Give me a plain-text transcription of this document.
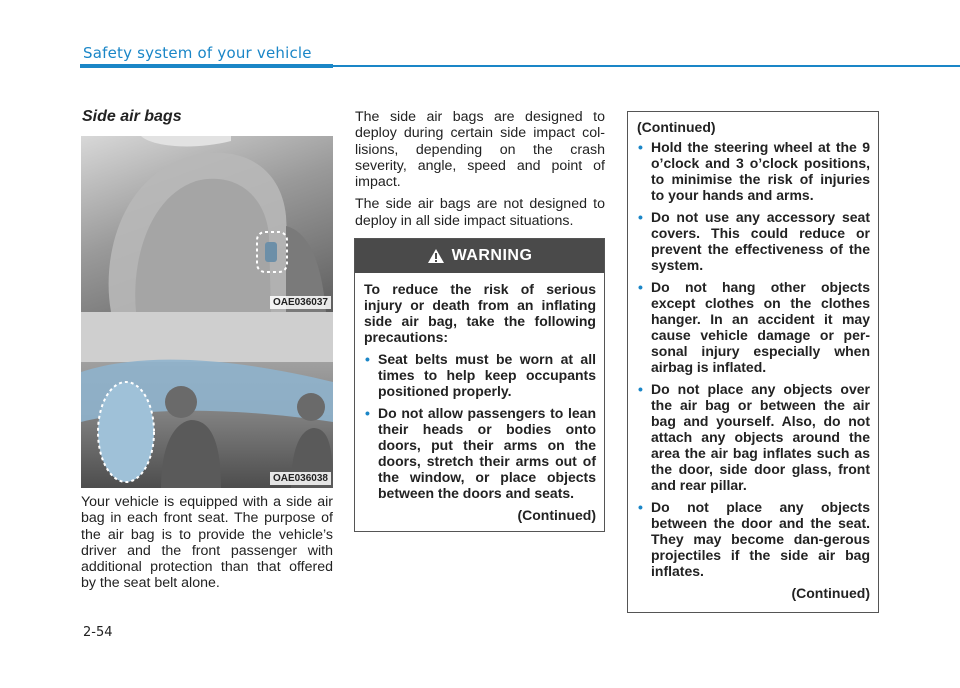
Safety system of your vehicle
Side air bags
OAE036037
OAE036038
Your vehicle is equipped with a side air bag in each front seat. The purpose of the air bag is to provide the vehicle’s driver and the front passenger with additional protection than that offered by the seat belt alone.

The side air bags are designed to deploy during certain side impact col-lisions, depending on the crash severity, angle, speed and point of impact.

The side air bags are not designed to deploy in all side impact situations.

WARNING

To reduce the risk of serious injury or death from an inflating side air bag, take the following precautions:

• Seat belts must be worn at all times to help keep occupants positioned properly.
• Do not allow passengers to lean their heads or bodies onto doors, put their arms on the doors, stretch their arms out of the window, or place objects between the doors and seats.

(Continued)

(Continued)

• Hold the steering wheel at the 9 o’clock and 3 o’clock positions, to minimise the risk of injuries to your hands and arms.
• Do not use any accessory seat covers. This could reduce or prevent the effectiveness of the system.
• Do not hang other objects except clothes on the clothes hanger. In an accident it may cause vehicle damage or per-sonal injury especially when airbag is inflated.
• Do not place any objects over the air bag or between the air bag and yourself. Also, do not attach any objects around the area the air bag inflates such as the door, side door glass, front and rear pillar.
• Do not place any objects between the door and the seat. They may become dan-gerous projectiles if the side air bag inflates.

(Continued)

2-54
